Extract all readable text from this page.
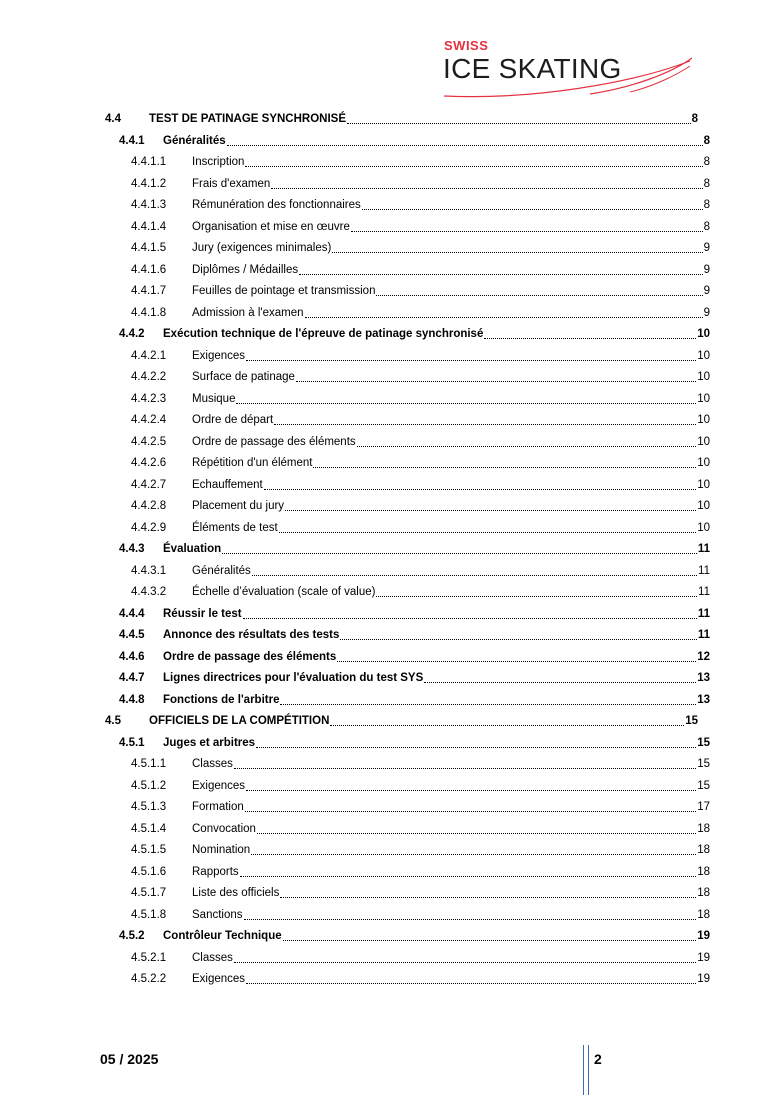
SWISS
ICE SKATING
4.4	TEST DE PATINAGE SYNCHRONISÉ	8
4.4.1	Généralités	8
4.4.1.1	Inscription	8
4.4.1.2	Frais d'examen	8
4.4.1.3	Rémunération des fonctionnaires	8
4.4.1.4	Organisation et mise en œuvre	8
4.4.1.5	Jury (exigences minimales)	9
4.4.1.6	Diplômes / Médailles	9
4.4.1.7	Feuilles de pointage et transmission	9
4.4.1.8	Admission à l'examen	9
4.4.2	Exécution technique de l'épreuve de patinage synchronisé	10
4.4.2.1	Exigences	10
4.4.2.2	Surface de patinage	10
4.4.2.3	Musique	10
4.4.2.4	Ordre de départ	10
4.4.2.5	Ordre de passage des éléments	10
4.4.2.6	Répétition d'un élément	10
4.4.2.7	Echauffement	10
4.4.2.8	Placement du jury	10
4.4.2.9	Éléments de test	10
4.4.3	Évaluation	11
4.4.3.1	Généralités	11
4.4.3.2	Échelle d’évaluation (scale of value)	11
4.4.4	Réussir le test	11
4.4.5	Annonce des résultats des tests	11
4.4.6	Ordre de passage des éléments	12
4.4.7	Lignes directrices pour l'évaluation du test SYS	13
4.4.8	Fonctions de l'arbitre	13
4.5	OFFICIELS DE LA COMPÉTITION	15
4.5.1	Juges et arbitres	15
4.5.1.1	Classes	15
4.5.1.2	Exigences	15
4.5.1.3	Formation	17
4.5.1.4	Convocation	18
4.5.1.5	Nomination	18
4.5.1.6	Rapports	18
4.5.1.7	Liste des officiels	18
4.5.1.8	Sanctions	18
4.5.2	Contrôleur Technique	19
4.5.2.1	Classes	19
4.5.2.2	Exigences	19
05 / 2025	2
